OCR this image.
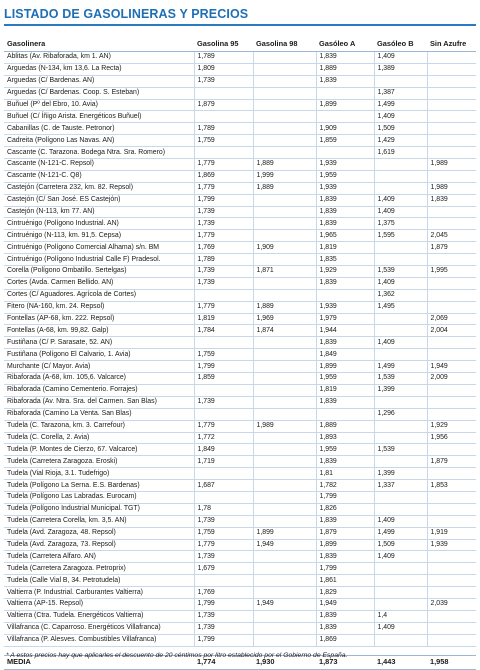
LISTADO DE GASOLINERAS Y PRECIOS
Gasolinera	Gasolina 95	Gasolina 98	Gasóleo A	Gasóleo B	Sin Azufre
Ablitas (Av. Ribaforada, km 1. AN)	1,789		1,839	1,409	
Arguedas (N-134, km 13,6. La Recta)	1,809		1,889	1,389	
Arguedas (C/ Bardenas. AN)	1,739		1,839		
Arguedas (C/ Bardenas. Coop. S. Esteban)				1,387	
Buñuel (Pº del Ebro, 10. Avia)	1,879		1,899	1,499	
Buñuel (C/ Íñigo Arista. Energéticos Buñuel)				1,409	
Cabanillas (C. de Tauste. Petronor)	1,789		1,909	1,509	
Cadreita (Polígono Las Navas. AN)	1,759		1,859	1,429	
Cascante (C. Tarazona. Bodega Ntra. Sra. Romero)				1,619	
Cascante (N-121-C. Repsol)	1,779	1,889	1,939		1,989
Cascante (N-121-C. Q8)	1,869	1,999	1,959		
Castejón (Carretera 232, km. 82. Repsol)	1,779	1,889	1,939		1,989
Castejón (C/ San José. ES Castejón)	1,799		1,839	1,409	1,839
Castejón (N-113, km 77. AN)	1,739		1,839	1,409	
Cintruénigo (Polígono Industrial. AN)	1,739		1,839	1,375	
Cintruénigo (N-113, km. 91,5. Cepsa)	1,779		1,965	1,595	2,045
Cintruénigo (Polígono Comercial Alhama) s/n. BM	1,769	1,909	1,819		1,879
Cintruénigo (Polígono Industrial Calle F) Pradesol.	1,789		1,835		
Corella (Polígono Ombatillo. Sertelgas)	1,739	1,871	1,929	1,539	1,995
Cortes (Avda. Carmen Bellido. AN)	1,739		1,839	1,409	
Cortes (C/ Aguadores. Agrícola de Cortes)				1,362	
Fitero (NA-160, km. 24. Repsol)	1,779	1,889	1,939	1,495	
Fontellas (AP-68, km. 222. Repsol)	1,819	1,969	1,979		2,069
Fontellas (A-68, km. 99,82. Galp)	1,784	1,874	1,944		2,004
Fustiñana (C/ P. Sarasate, 52. AN)			1,839	1,409	
Fustiñana (Polígono El Calvario, 1. Avia)	1,759		1,849		
Murchante (C/ Mayor. Avia)	1,799		1,899	1,499	1,949
Ribaforada (A-68, km. 105,6. Valcarce)	1,859		1,959	1,539	2,009
Ribaforada (Camino Cementerio. Forrajes)			1,819	1,399	
Ribaforada (Av. Ntra. Sra. del Carmen. San Blas)	1,739		1,839		
Ribaforada (Camino La Venta. San Blas)				1,296	
Tudela (C. Tarazona, km. 3. Carrefour)	1,779	1,989	1,889		1,929
Tudela (C. Corella, 2. Avia)	1,772		1,893		1,956
Tudela (P. Montes de Cierzo, 67. Valcarce)	1,849		1,959	1,539	
Tudela (Carretera Zaragoza. Eroski)	1,719		1,839		1,879
Tudela (Vial Rioja, 3.1. Tudefrigo)			1,81	1,399	
Tudela (Polígono La Serna. E.S. Bardenas)	1,687		1,782	1,337	1,853
Tudela (Polígono Las Labradas. Eurocam)			1,799		
Tudela (Polígono Industrial Municipal. TGT)	1,78		1,826		
Tudela (Carretera Corella, km. 3,5. AN)	1,739		1,839	1,409	
Tudela (Avd. Zaragoza, 48. Repsol)	1,759	1,899	1,879	1,499	1,919
Tudela (Avd. Zaragoza, 73. Repsol)	1,779	1,949	1,899	1,509	1,939
Tudela (Carretera Alfaro. AN)	1,739		1,839	1,409	
Tudela (Carretera Zaragoza. Petroprix)	1,679		1,799		
Tudela (Calle Vial B, 34. Petrotudela)			1,861		
Valtierra (P. Industrial. Carburantes Valtierra)	1,769		1,829		
Valtierra (AP-15. Repsol)	1,799	1,949	1,949		2,039
Valtierra (Ctra. Tudela. Energéticos Valtierra)	1,739		1,839	1,4	
Villafranca (C. Caparroso. Energéticos Villafranca)	1,739		1,839	1,409	
Villafranca (P. Alesves. Combustibles Villafranca)	1,799		1,869		

MEDIA	1,774	1,930	1,873	1,443	1,958
* A estos precios hay que aplicarles el descuento de 20 céntimos por litro establecido por el Gobierno de España.
